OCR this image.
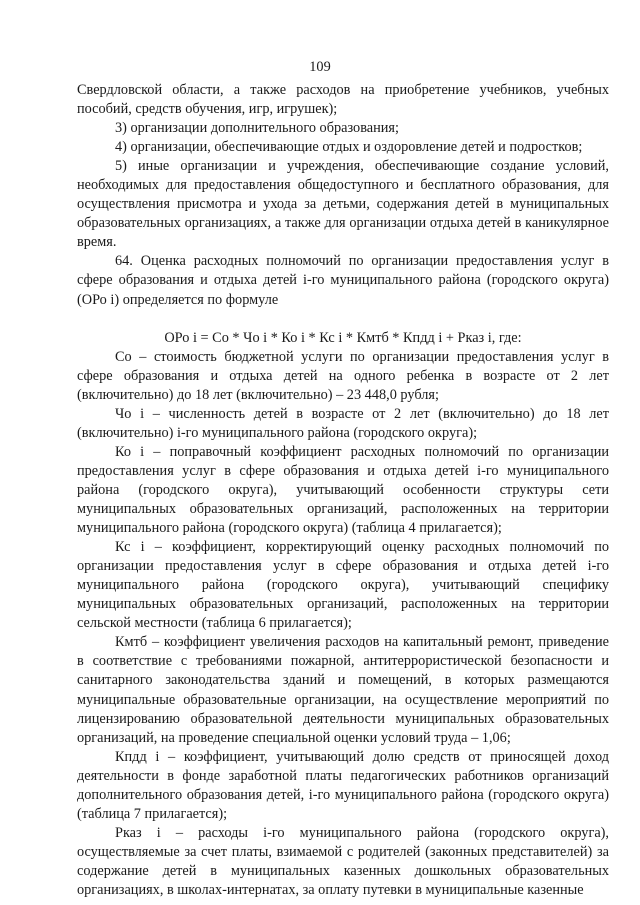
109

Свердловской области, а также расходов на приобретение учебников, учебных пособий, средств обучения, игр, игрушек);

3) организации дополнительного образования;

4) организации, обеспечивающие отдых и оздоровление детей и подростков;

5) иные организации и учреждения, обеспечивающие создание условий, необходимых для предоставления общедоступного и бесплатного образования, для осуществления присмотра и ухода за детьми, содержания детей в муниципальных образовательных организациях, а также для организации отдыха детей в каникулярное время.

64. Оценка расходных полномочий по организации предоставления услуг в сфере образования и отдыха детей i-го муниципального района (городского округа) (ОРо i) определяется по формуле

ОРо i = Со * Чо i * Ко i * Кс i * Кмтб * Кпдд i + Рказ i, где:

Со – стоимость бюджетной услуги по организации предоставления услуг в сфере образования и отдыха детей на одного ребенка в возрасте от 2 лет (включительно) до 18 лет (включительно) – 23 448,0 рубля;

Чо i – численность детей в возрасте от 2 лет (включительно) до 18 лет (включительно) i-го муниципального района (городского округа);

Ко i – поправочный коэффициент расходных полномочий по организации предоставления услуг в сфере образования и отдыха детей i-го муниципального района (городского округа), учитывающий особенности структуры сети муниципальных образовательных организаций, расположенных на территории муниципального района (городского округа) (таблица 4 прилагается);

Кс i – коэффициент, корректирующий оценку расходных полномочий по организации предоставления услуг в сфере образования и отдыха детей i-го муниципального района (городского округа), учитывающий специфику муниципальных образовательных организаций, расположенных на территории сельской местности (таблица 6 прилагается);

Кмтб – коэффициент увеличения расходов на капитальный ремонт, приведение в соответствие с требованиями пожарной, антитеррористической безопасности и санитарного законодательства зданий и помещений, в которых размещаются муниципальные образовательные организации, на осуществление мероприятий по лицензированию образовательной деятельности муниципальных образовательных организаций, на проведение специальной оценки условий труда – 1,06;

Кпдд i – коэффициент, учитывающий долю средств от приносящей доход деятельности в фонде заработной платы педагогических работников организаций дополнительного образования детей, i-го муниципального района (городского округа) (таблица 7 прилагается);

Рказ i – расходы i-го муниципального района (городского округа), осуществляемые за счет платы, взимаемой с родителей (законных представителей) за содержание детей в муниципальных казенных дошкольных образовательных организациях, в школах-интернатах, за оплату путевки в муниципальные казенные
